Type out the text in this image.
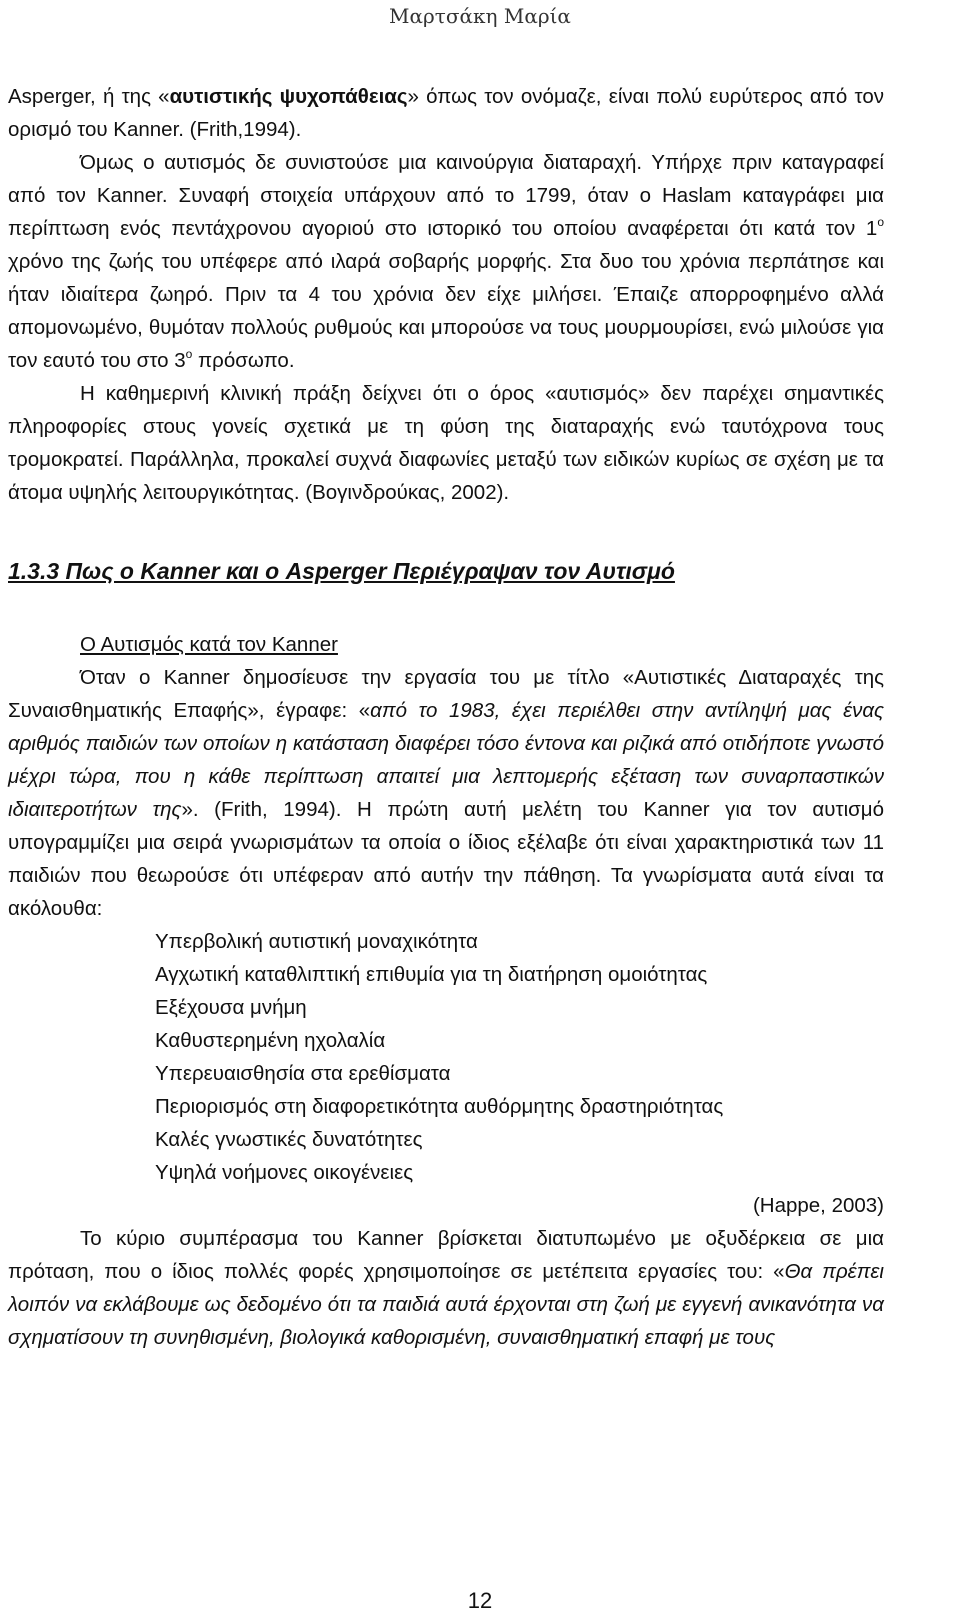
Μαρτσάκη Μαρία

Asperger, ή της «αυτιστικής ψυχοπάθειας» όπως τον ονόμαζε, είναι πολύ ευρύτερος από τον ορισμό του Kanner. (Frith,1994).

Όμως ο αυτισμός δε συνιστούσε μια καινούργια διαταραχή. Υπήρχε πριν καταγραφεί από τον Kanner. Συναφή στοιχεία υπάρχουν από το 1799, όταν ο Haslam καταγράφει μια περίπτωση ενός πεντάχρονου αγοριού στο ιστορικό του οποίου αναφέρεται ότι κατά τον $1^o$ χρόνο της ζωής του υπέφερε από ιλαρά σοβαρής μορφής. Στα δυο του χρόνια περπάτησε και ήταν ιδιαίτερα ζωηρό. Πριν τα 4 του χρόνια δεν είχε μιλήσει. Έπαιζε απορροφημένο αλλά απομονωμένο, θυμόταν πολλούς ρυθμούς και μπορούσε να τους μουρμουρίσει, ενώ μιλούσε για τον εαυτό του στο $3^o$ πρόσωπο.

Η καθημερινή κλινική πράξη δείχνει ότι ο όρος «αυτισμός» δεν παρέχει σημαντικές πληροφορίες στους γονείς σχετικά με τη φύση της διαταραχής ενώ ταυτόχρονα τους τρομοκρατεί. Παράλληλα, προκαλεί συχνά διαφωνίες μεταξύ των ειδικών κυρίως σε σχέση με τα άτομα υψηλής λειτουργικότητας. (Βογινδρούκας, 2002).

1.3.3 Πως ο Kanner και ο Asperger Περιέγραψαν τον Αυτισμό
Ο Αυτισμός κατά τον Kanner

Όταν ο Kanner δημοσίευσε την εργασία του με τίτλο «Αυτιστικές Διαταραχές της Συναισθηματικής Επαφής», έγραφε: «από το 1983, έχει περιέλθει στην αντίληψή μας ένας αριθμός παιδιών των οποίων η κατάσταση διαφέρει τόσο έντονα και ριζικά από οτιδήποτε γνωστό μέχρι τώρα, που η κάθε περίπτωση απαιτεί μια λεπτομερής εξέταση των συναρπαστικών ιδιαιτεροτήτων της». (Frith, 1994). Η πρώτη αυτή μελέτη του Kanner για τον αυτισμό υπογραμμίζει μια σειρά γνωρισμάτων τα οποία ο ίδιος εξέλαβε ότι είναι χαρακτηριστικά των 11 παιδιών που θεωρούσε ότι υπέφεραν από αυτήν την πάθηση. Τα γνωρίσματα αυτά είναι τα ακόλουθα:

Υπερβολική αυτιστική μοναχικότητα
Αγχωτική καταθλιπτική επιθυμία για τη διατήρηση ομοιότητας
Εξέχουσα μνήμη
Καθυστερημένη ηχολαλία
Υπερευαισθησία στα ερεθίσματα
Περιορισμός στη διαφορετικότητα αυθόρμητης δραστηριότητας
Καλές γνωστικές δυνατότητες
Υψηλά νοήμονες οικογένειες
(Happe, 2003)

Το κύριο συμπέρασμα του Kanner βρίσκεται διατυπωμένο με οξυδέρκεια σε μια πρόταση, που ο ίδιος πολλές φορές χρησιμοποίησε σε μετέπειτα εργασίες του: «Θα πρέπει λοιπόν να εκλάβουμε ως δεδομένο ότι τα παιδιά αυτά έρχονται στη ζωή με εγγενή ανικανότητα να σχηματίσουν τη συνηθισμένη, βιολογικά καθορισμένη, συναισθηματική επαφή με τους

12
